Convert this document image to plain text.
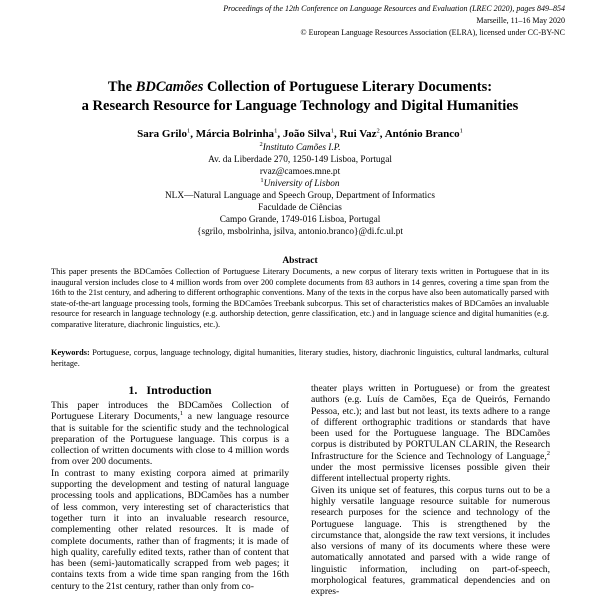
Proceedings of the 12th Conference on Language Resources and Evaluation (LREC 2020), pages 849–854
Marseille, 11–16 May 2020
© European Language Resources Association (ELRA), licensed under CC-BY-NC
The BDCamões Collection of Portuguese Literary Documents:
a Research Resource for Language Technology and Digital Humanities
Sara Grilo$^1$, Márcia Bolrinha$^1$, João Silva$^1$, Rui Vaz$^2$, António Branco$^1$
$^2$Instituto Camões I.P.
Av. da Liberdade 270, 1250-149 Lisboa, Portugal
rvaz@camoes.mne.pt
$^1$University of Lisbon
NLX—Natural Language and Speech Group, Department of Informatics
Faculdade de Ciências
Campo Grande, 1749-016 Lisboa, Portugal
{sgrilo, msbolrinha, jsilva, antonio.branco}@di.fc.ul.pt
Abstract
This paper presents the BDCamões Collection of Portuguese Literary Documents, a new corpus of literary texts written in Portuguese that in its inaugural version includes close to 4 million words from over 200 complete documents from 83 authors in 14 genres, covering a time span from the 16th to the 21st century, and adhering to different orthographic conventions. Many of the texts in the corpus have also been automatically parsed with state-of-the-art language processing tools, forming the BDCamões Treebank subcorpus. This set of characteristics makes of BDCamões an invaluable resource for research in language technology (e.g. authorship detection, genre classification, etc.) and in language science and digital humanities (e.g. comparative literature, diachronic linguistics, etc.).
Keywords: Portuguese, corpus, language technology, digital humanities, literary studies, history, diachronic linguistics, cultural landmarks, cultural heritage.
1. Introduction

This paper introduces the BDCamões Collection of Portuguese Literary Documents,$^1$ a new language resource that is suitable for the scientific study and the technological preparation of the Portuguese language. This corpus is a collection of written documents with close to 4 million words from over 200 documents.

In contrast to many existing corpora aimed at primarily supporting the development and testing of natural language processing tools and applications, BDCamões has a number of less common, very interesting set of characteristics that together turn it into an invaluable research resource, complementing other related resources. It is made of complete documents, rather than of fragments; it is made of high quality, carefully edited texts, rather than of content that has been (semi-)automatically scrapped from web pages; it contains texts from a wide time span ranging from the 16th century to the 21st century, rather than only from co-

theater plays written in Portuguese) or from the greatest authors (e.g. Luís de Camões, Eça de Queirós, Fernando Pessoa, etc.); and last but not least, its texts adhere to a range of different orthographic traditions or standards that have been used for the Portuguese language. The BDCamões corpus is distributed by PORTULAN CLARIN, the Research Infrastructure for the Science and Technology of Language,$^2$ under the most permissive licenses possible given their different intellectual property rights.

Given its unique set of features, this corpus turns out to be a highly versatile language resource suitable for numerous research purposes for the science and technology of the Portuguese language. This is strengthened by the circumstance that, alongside the raw text versions, it includes also versions of many of its documents where these were automatically annotated and parsed with a wide range of linguistic information, including on part-of-speech, morphological features, grammatical dependencies and on expres-
